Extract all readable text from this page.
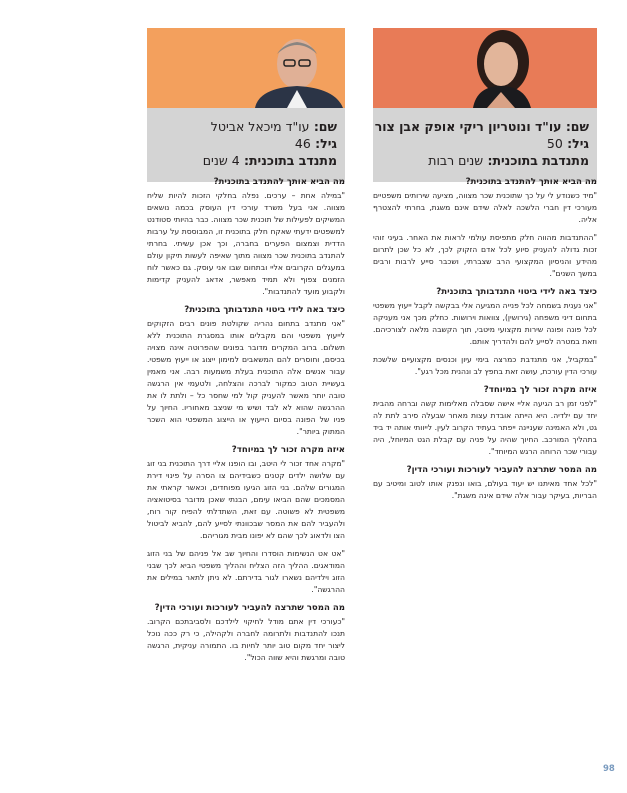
שם: עו"ד ונוטריון ריקי אופק אבן צור
גיל: 50
מתנדבת בתוכנית: שנים רבות
שם: עו"ד מיכאל אביטל
גיל: 46
מתנדב בתוכנית: 4 שנים
מה הביא אותך להתנדב בתוכנית?
"מיד כשנודע לי על כך שתוכנית שכר מצווה, מציעה שירותים משפטיים מעורכי דין חברי הלשכה לאלה שידם אינם משגת, בחרתי להצטרף אליה.
"ההתנדבות מהווה חלק מתפיסת עולמי לראות את האחר. בעיני זוהי זכות גדולה להעניק סיוע לכל אדם הזקוק לכך, לא כל שכן לתרום מהידע והניסיון המקצועי הרב שצברתי, ושכבר סייע לרבות ורבים במשך השנים".
כיצד באה לידי ביטוי התנדבותך בתוכנית?
"אני נענית בשמחה לכל פנייה המגיעה אלי בבקשה לקבל ייעוץ משפטי בתחום דיני משפחה (גירושין), צוואות וירושות. כחלק מכך אני מעניקה לכל פונה ופונה שירות מקצועי מיטבי, תוך הקשבה מלאה לצורכיהם. וזאת במטרה לסייע להם ולהדריך אותם.
"במקביל, אני מתנדבת כמרצה בימי עיון וכנסים מקצועיים שלשכת עורכי הדין עורכת, עושה זאת בחפץ לב ונהנית מכל רגע".
איזה מקרה זכור לך במיוחד?
"לפני זמן רב הגיעה אליי אישה שסבלה מאלימות קשה וברחה מהבית יחד עם ילדיה. היא הייתה אובדת עצות מאחר שבעלה סירב לתת לה גט, ולא האמינה שעניינה ייפתר בעתיד הקרוב לעין. לייוותי אותה יד ביד בתהליך המורכב. החיוך שהיה על פניה עם קבלת הגט המיוחל, היה עבורי שכר הרוחה הרגש המיוחד".
מה המסר שתרצה להעביר לעורכות ועורכי הדין?
"לכל אחד מאיתנו יש יעוד בעולם, בואו ונפנק אותו לטוב ומיטיב עם הבריות, בעיקר עבור אלה שידם אינה משגת".
מה הביא אותך להתנדב בתוכנית?
"במילה אחת – ערכים. נפלה בחלקי הזכות להיות שליח מצווה. אני בעל משרד עורכי דין העוסק בכמה נושאים המשיקים לפעילות של תוכנית שכר מצווה. כבר בהיותי סטודנט למשפטים ידעתי שאקח חלק בתוכנית זו, המבוססת על ערבות הדדית וצמצום הפערים בחברה, וכך אכן עשיתי. בחרתי להתנדב בתוכנית שכר מצווה מתוך שאיפה לעשות תיקון עולם במעגלים הקרובים אליי ובתחום שבו אני עוסק. גם כאשר לוח הזמנים צפוף ולא תמיד מאפשר, אדאג להעניק קדימות ולקבוע מועד להתנדבות".
כיצד באה לידי ביטוי התנדבותך בתוכנית?
"אני מתנדב בתחום נהריה שקולטת פונים רבים הזקוקים לייעוץ משפטי והם מקבלים אותו במסגרת התוכנית ללא תשלום. ברוב המקרים מדובר בפונים שהפרוטה אינה מצויה בכיסם, וחוסרים להם המשאבים למימון ייצוג או ייעוץ משפטי. עבור אנשים אלה התוכנית בעלת משמעות רבה. אני מאמין בעשיית הטוב כמקור לברכה והצלחה, ולטעמי אין הרגשה טובה יותר מאשר להעניק קול למי שחסר כל – ולתת לו את ההרגשה שהוא לא לבד ושיש מי שניצב מאחוריו. החיוך על פניו של הפונה בסיום הייעוץ או הייצוג המשפטי הוא השכר המתוק ביותר".
איזה מקרה זכור לך במיוחד?
"מקרה אחד זכור לי היטב, ובו הופנו אליי דרך התוכנית בני זוג עם שלושה ילדים קטנים כשבידיהם צו הסרה על פינוי דירת המגורים שלהם. בני הזוג הגיעו מפוחדים, וכאשר קראתי את המסמכים שהם הביאו עימם, הבנתי שאכן מדובר בסיטואציה משפטית לא פשוטה. עם זאת, השתדלתי להפיח קור רוח, ולהעביר להם את המסר שבכוונתי לסייע להם, להביא לביטול הצו ולדאוג לכך שהם לא יפונו מבית מגוריהם.
"אט אט הנשימות הוסדרו והחיוך שב אל פניהם של בני הזוג המודאגים. ההליך הזה הצליח וההליך משפטי הביא לכך שבני הזוג וילדיהם נשארו לגור בדירתם. לא ניתן לתאר במילים את ההרגשה".
מה המסר שתרצה להעביר לעורכות ועורכי הדין?
"כעורכי דין אתם מודל לחיקוי לילדכם ולסביבתכם הקרוב. תנכו להתנדבות ולתרומה לחברה ולקהילה, כי רק ככה נוכל ליצור יחד מקום טוב יותר לחיות בו. התמורה עניקית, הרגשה טובה ומרגשת והיא שווה הכול".
98
